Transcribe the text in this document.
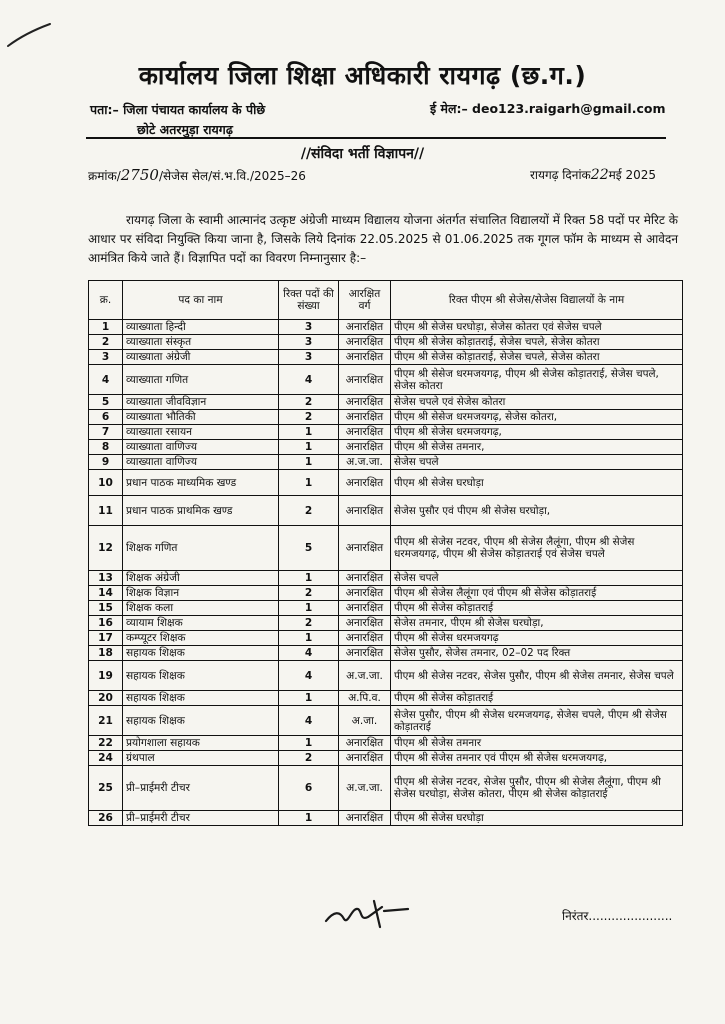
कार्यालय जिला शिक्षा अधिकारी रायगढ़ (छ.ग.)
पता:– जिला पंचायत कार्यालय के पीछे
छोटे अतरमुड़ा रायगढ़
ई मेल:– deo123.raigarh@gmail.com
//संविदा भर्ती विज्ञापन//
क्रमांक/2750/सेजेस सेल/सं.भ.वि./2025–26	रायगढ़ दिनांक22मई 2025
रायगढ़ जिला के स्वामी आत्मानंद उत्कृष्ट अंग्रेजी माध्यम विद्यालय योजना अंतर्गत संचालित विद्यालयों में रिक्त 58 पदों पर मेरिट के आधार पर संविदा नियुक्ति किया जाना है, जिसके लिये दिनांक 22.05.2025 से 01.06.2025 तक गूगल फॉम के माध्यम से आवेदन आमंत्रित किये जाते हैं। विज्ञापित पदों का विवरण निम्नानुसार है:–
क्र.	पद का नाम	रिक्त पदों की संख्या	आरक्षित वर्ग	रिक्त पीएम श्री सेजेस/सेजेस विद्यालयों के नाम
1	व्याख्याता हिन्दी	3	अनारक्षित	पीएम श्री सेजेस घरघोड़ा, सेजेस कोतरा एवं सेजेस चपले
2	व्याख्याता संस्कृत	3	अनारक्षित	पीएम श्री सेजेस कोड़ातराई, सेजेस चपले, सेजेस कोतरा
3	व्याख्याता अंग्रेजी	3	अनारक्षित	पीएम श्री सेजेस कोड़ातराई, सेजेस चपले, सेजेस कोतरा
4	व्याख्याता गणित	4	अनारक्षित	पीएम श्री सेसेज धरमजयगढ़, पीएम श्री सेजेस कोड़ातराई, सेजेस चपले, सेजेस कोतरा
5	व्याख्याता जीवविज्ञान	2	अनारक्षित	सेजेस चपले एवं सेजेस कोतरा
6	व्याख्याता भौतिकी	2	अनारक्षित	पीएम श्री सेसेज धरमजयगढ़, सेजेस कोतरा,
7	व्याख्याता रसायन	1	अनारक्षित	पीएम श्री सेजेस धरमजयगढ़,
8	व्याख्याता वाणिज्य	1	अनारक्षित	पीएम श्री सेजेस तमनार,
9	व्याख्याता वाणिज्य	1	अ.ज.जा.	सेजेस चपले
10	प्रधान पाठक माध्यमिक खण्ड	1	अनारक्षित	पीएम श्री सेजेस घरघोड़ा
11	प्रधान पाठक प्राथमिक खण्ड	2	अनारक्षित	सेजेस पुसौर एवं पीएम श्री सेजेस घरघोड़ा,
12	शिक्षक गणित	5	अनारक्षित	पीएम श्री सेजेस नटवर, पीएम श्री सेजेस लैलूंगा, पीएम श्री सेजेस धरमजयगढ़, पीएम श्री सेजेस कोड़ातराई एवं सेजेस चपले
13	शिक्षक अंग्रेजी	1	अनारक्षित	सेजेस चपले
14	शिक्षक विज्ञान	2	अनारक्षित	पीएम श्री सेजेस लैलूंगा एवं पीएम श्री सेजेस कोड़ातराई
15	शिक्षक कला	1	अनारक्षित	पीएम श्री सेजेस कोड़ातराई
16	व्यायाम शिक्षक	2	अनारक्षित	सेजेस तमनार, पीएम श्री सेजेस घरघोड़ा,
17	कम्प्यूटर शिक्षक	1	अनारक्षित	पीएम श्री सेजेस धरमजयगढ़
18	सहायक शिक्षक	4	अनारक्षित	सेजेस पुसौर, सेजेस तमनार, 02–02 पद रिक्त
19	सहायक शिक्षक	4	अ.ज.जा.	पीएम श्री सेजेस नटवर, सेजेस पुसौर, पीएम श्री सेजेस तमनार, सेजेस चपले
20	सहायक शिक्षक	1	अ.पि.व.	पीएम श्री सेजेस कोड़ातराई
21	सहायक शिक्षक	4	अ.जा.	सेजेस पुसौर, पीएम श्री सेजेस धरमजयगढ़, सेजेस चपले, पीएम श्री सेजेस कोड़ातराई
22	प्रयोगशाला सहायक	1	अनारक्षित	पीएम श्री सेजेस तमनार
24	ग्रंथपाल	2	अनारक्षित	पीएम श्री सेजेस तमनार एवं पीएम श्री सेजेस धरमजयगढ़,
25	प्री–प्राईमरी टीचर	6	अ.ज.जा.	पीएम श्री सेजेस नटवर, सेजेस पुसौर, पीएम श्री सेजेस लैलूंगा, पीएम श्री सेजेस घरघोड़ा, सेजेस कोतरा, पीएम श्री सेजेस कोड़ातराई
26	प्री–प्राईमरी टीचर	1	अनारक्षित	पीएम श्री सेजेस घरघोड़ा
निरंतर......................
